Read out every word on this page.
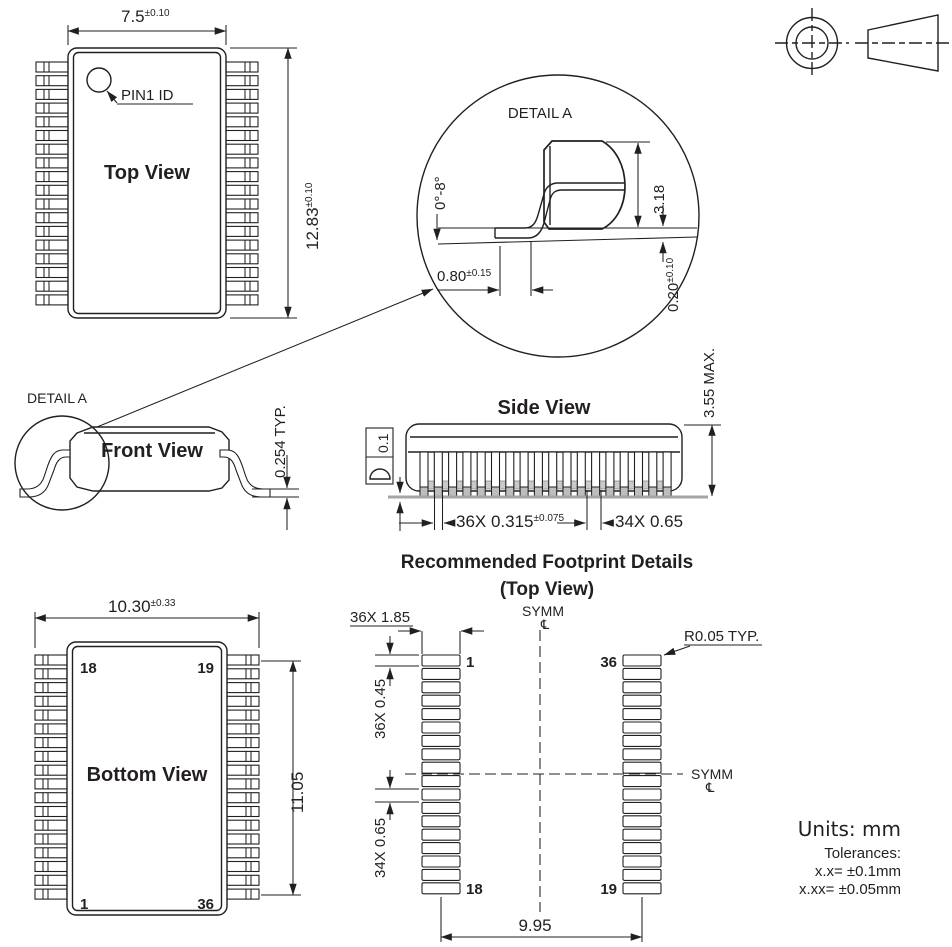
PIN1 ID
Top View
$7.5^{\pm 0.10}$
$12.83^{\pm 0.10}$
DETAIL A
3.18
$0.20^{\pm 0.10}$
0°-8°
$0.80^{\pm 0.15}$
DETAIL A
Front View	0.254 TYP.	Side View
0.1
36X $0.315^{\pm 0.075}$	34X 0.65
3.55 MAX.
Recommended Footprint Details
(Top View)
18	19
1	36
Bottom View
$10.30^{\pm 0.33}$
11.05
1
18
36
19
SYMM
℄
SYMM
℄
36X 1.85
36X 0.45
34X 0.65
R0.05 TYP.
9.95
Units: mm
Tolerances:
x.x= ±0.1mm
x.xx= ±0.05mm
